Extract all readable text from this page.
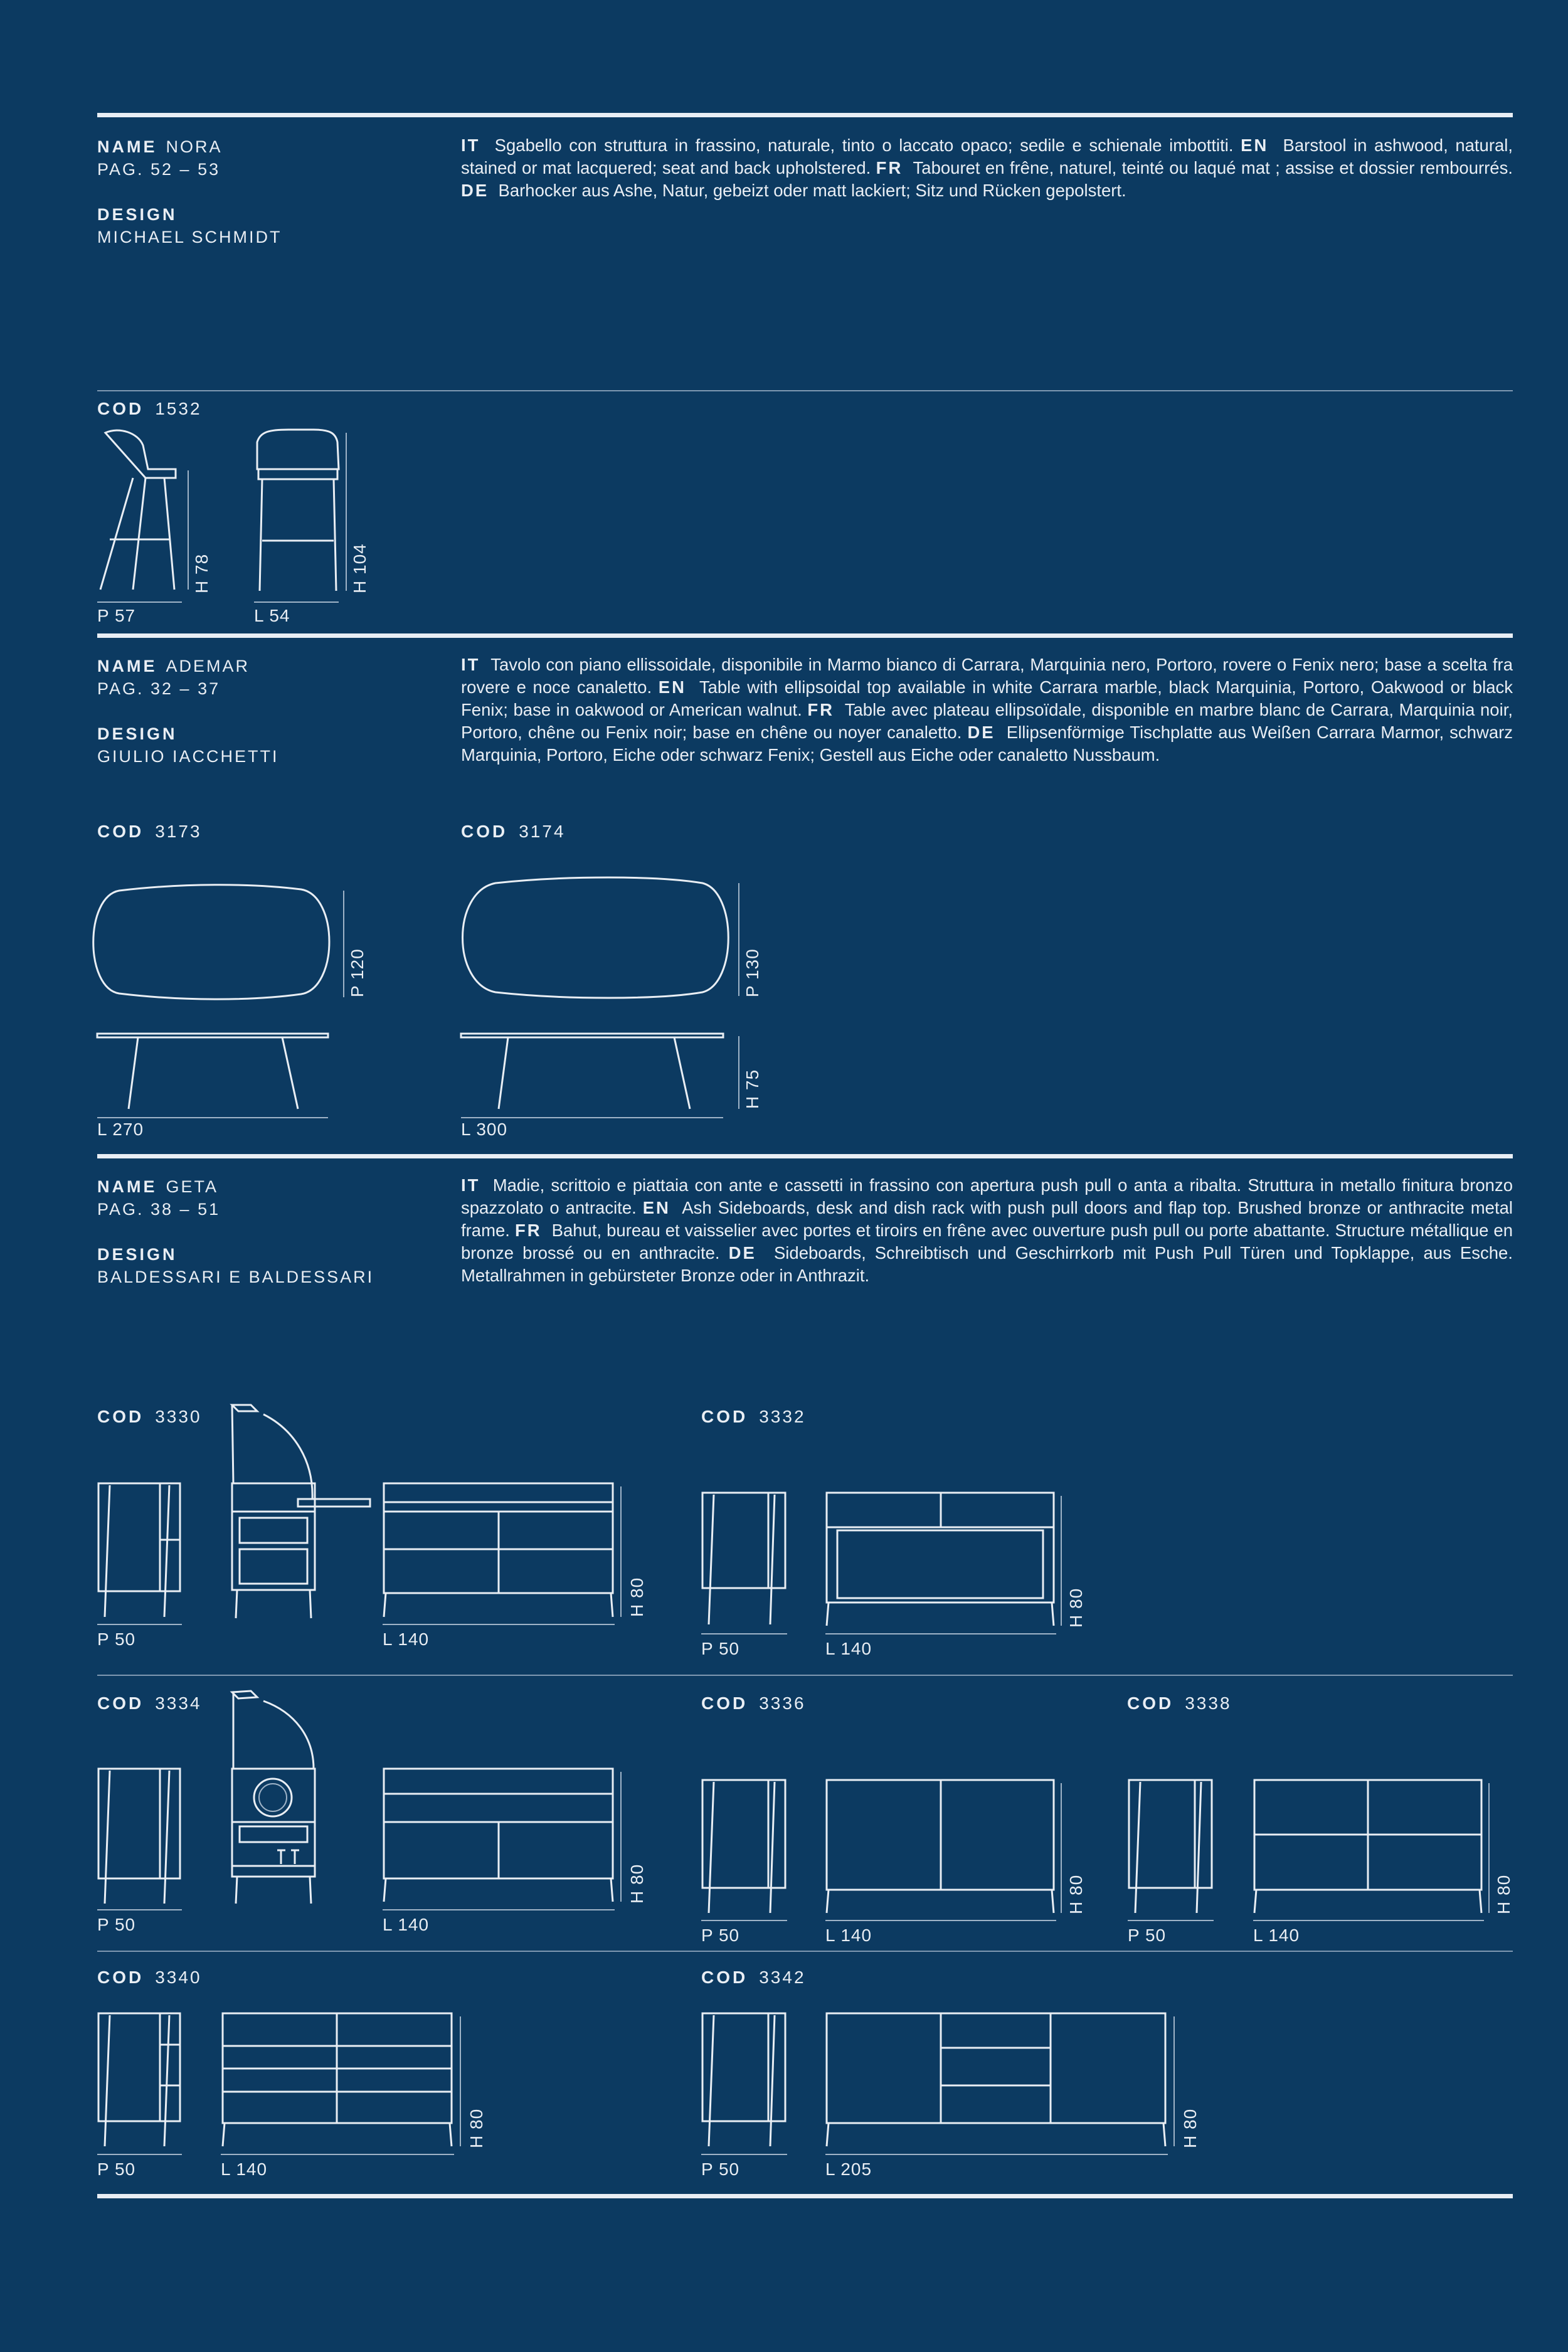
NAME NORA
PAG. 52 – 53
DESIGN
MICHAEL SCHMIDT
IT Sgabello con struttura in frassino, naturale, tinto o laccato opaco; sedile e schienale imbottiti. EN Barstool in ashwood, natural, stained or mat lacquered; seat and back upholstered. FR Tabouret en frêne, naturel, teinté ou laqué mat ; assise et dossier rembourrés. DE Barhocker aus Ashe, Natur, gebeizt oder matt lackiert; Sitz und Rücken gepolstert.
COD 1532
P 57
H 78
L 54
H 104
NAME ADEMAR
PAG. 32 – 37
DESIGN
GIULIO IACCHETTI
IT Tavolo con piano ellissoidale, disponibile in Marmo bianco di Carrara, Marquinia nero, Portoro, rovere o Fenix nero; base a scelta fra rovere e noce canaletto. EN Table with ellipsoidal top available in white Carrara marble, black Marquinia, Portoro, Oakwood or black Fenix; base in oakwood or American walnut. FR Table avec plateau ellipsoïdale, disponible en marbre blanc de Carrara, Marquinia noir, Portoro, chêne ou Fenix noir; base en chêne ou noyer canaletto. DE Ellipsenförmige Tischplatte aus Weißen Carrara Marmor, schwarz Marquinia, Portoro, Eiche oder schwarz Fenix; Gestell aus Eiche oder canaletto Nussbaum.
COD 3173	COD 3174
P 120
L 270
P 130
H 75
L 300
NAME GETA
PAG. 38 – 51
DESIGN
BALDESSARI E BALDESSARI
IT Madie, scrittoio e piattaia con ante e cassetti in frassino con apertura push pull o anta a ribalta. Struttura in metallo finitura bronzo spazzolato o antracite. EN Ash Sideboards, desk and dish rack with push pull doors and flap top. Brushed bronze or anthracite metal frame. FR Bahut, bureau et vaisselier avec portes et tiroirs en frêne avec ouverture push pull ou porte abattante. Structure métallique en bronze brossé ou en anthracite. DE Sideboards, Schreibtisch und Geschirrkorb mit Push Pull Türen und Topklappe, aus Esche. Metallrahmen in gebürsteter Bronze oder in Anthrazit.
COD 3330	COD 3332
P 50	L 140
H 80
P 50	L 140
H 80
COD 3334	COD 3336	COD 3338
P 50	L 140
H 80
P 50	L 140
H 80
P 50	L 140
H 80
COD 3340	COD 3342
P 50	L 140
H 80
P 50	L 205
H 80
